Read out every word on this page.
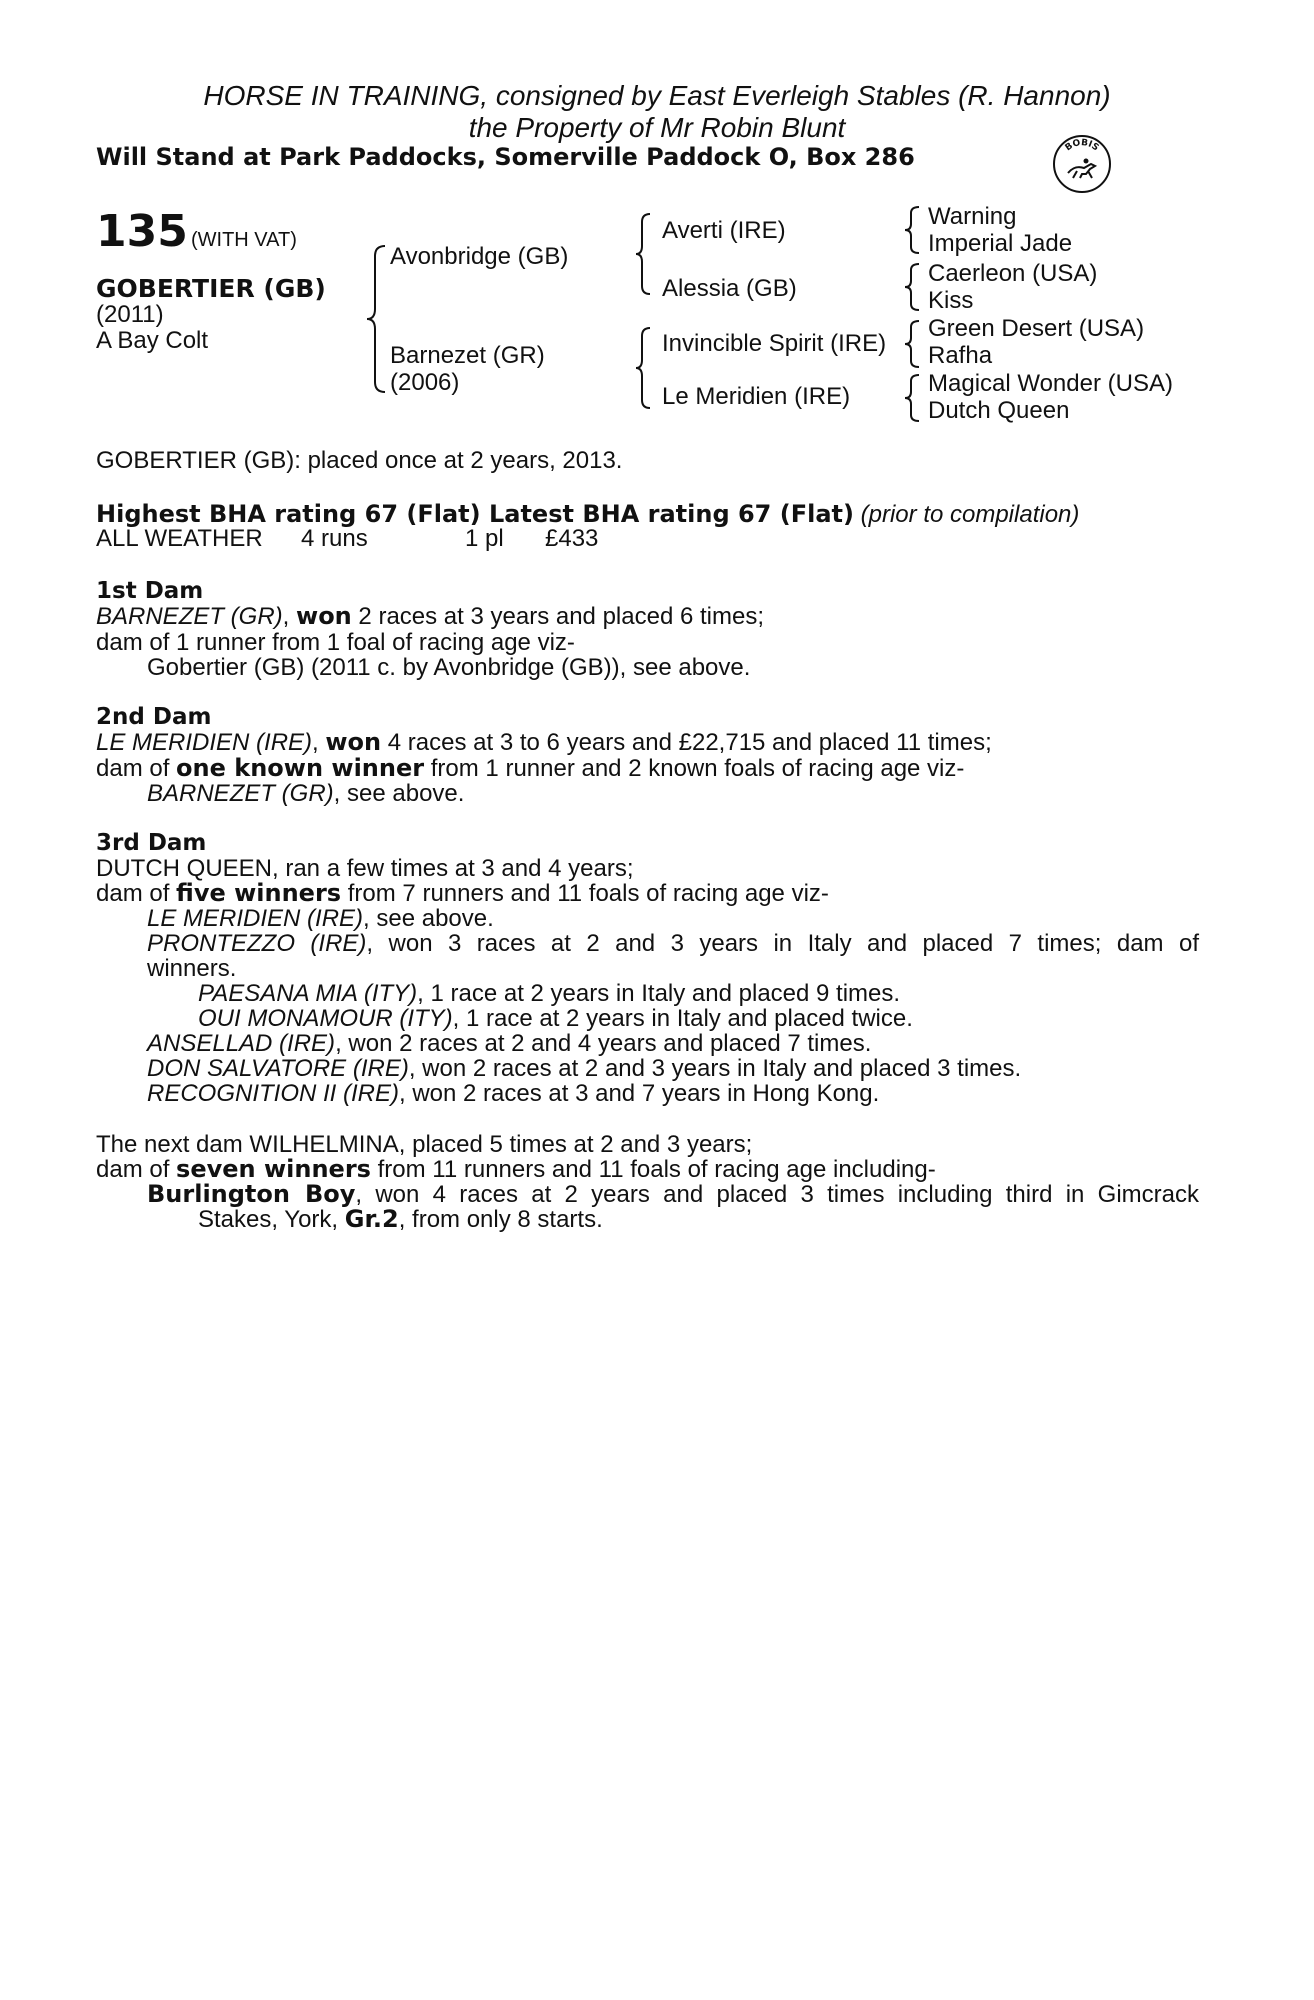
HORSE IN TRAINING, consigned by East Everleigh Stables (R. Hannon)
the Property of Mr Robin Blunt
Will Stand at Park Paddocks, Somerville Paddock O, Box 286	BOBIS
135 (WITH VAT)
GOBERTIER (GB)
(2011)
A Bay Colt
Avonbridge (GB)
Barnezet (GR)
(2006)
Averti (IRE)
Alessia (GB)
Invincible Spirit (IRE)
Le Meridien (IRE)
Warning
Imperial Jade
Caerleon (USA)
Kiss
Green Desert (USA)
Rafha
Magical Wonder (USA)
Dutch Queen
GOBERTIER (GB): placed once at 2 years, 2013.
Highest BHA rating 67 (Flat) Latest BHA rating 67 (Flat) (prior to compilation)
ALL WEATHER 4 runs	1 pl £433
1st Dam
BARNEZET (GR), won 2 races at 3 years and placed 6 times;
dam of 1 runner from 1 foal of racing age viz-
Gobertier (GB) (2011 c. by Avonbridge (GB)), see above.
2nd Dam
LE MERIDIEN (IRE), won 4 races at 3 to 6 years and £22,715 and placed 11 times;
dam of one known winner from 1 runner and 2 known foals of racing age viz-
BARNEZET (GR), see above.
3rd Dam
DUTCH QUEEN, ran a few times at 3 and 4 years;
dam of five winners from 7 runners and 11 foals of racing age viz-
LE MERIDIEN (IRE), see above.
PRONTEZZO (IRE), won 3 races at 2 and 3 years in Italy and placed 7 times; dam of
winners.
PAESANA MIA (ITY), 1 race at 2 years in Italy and placed 9 times.
OUI MONAMOUR (ITY), 1 race at 2 years in Italy and placed twice.
ANSELLAD (IRE), won 2 races at 2 and 4 years and placed 7 times.
DON SALVATORE (IRE), won 2 races at 2 and 3 years in Italy and placed 3 times.
RECOGNITION II (IRE), won 2 races at 3 and 7 years in Hong Kong.
The next dam WILHELMINA, placed 5 times at 2 and 3 years;
dam of seven winners from 11 runners and 11 foals of racing age including-
Burlington Boy, won 4 races at 2 years and placed 3 times including third in Gimcrack
Stakes, York, Gr.2, from only 8 starts.
